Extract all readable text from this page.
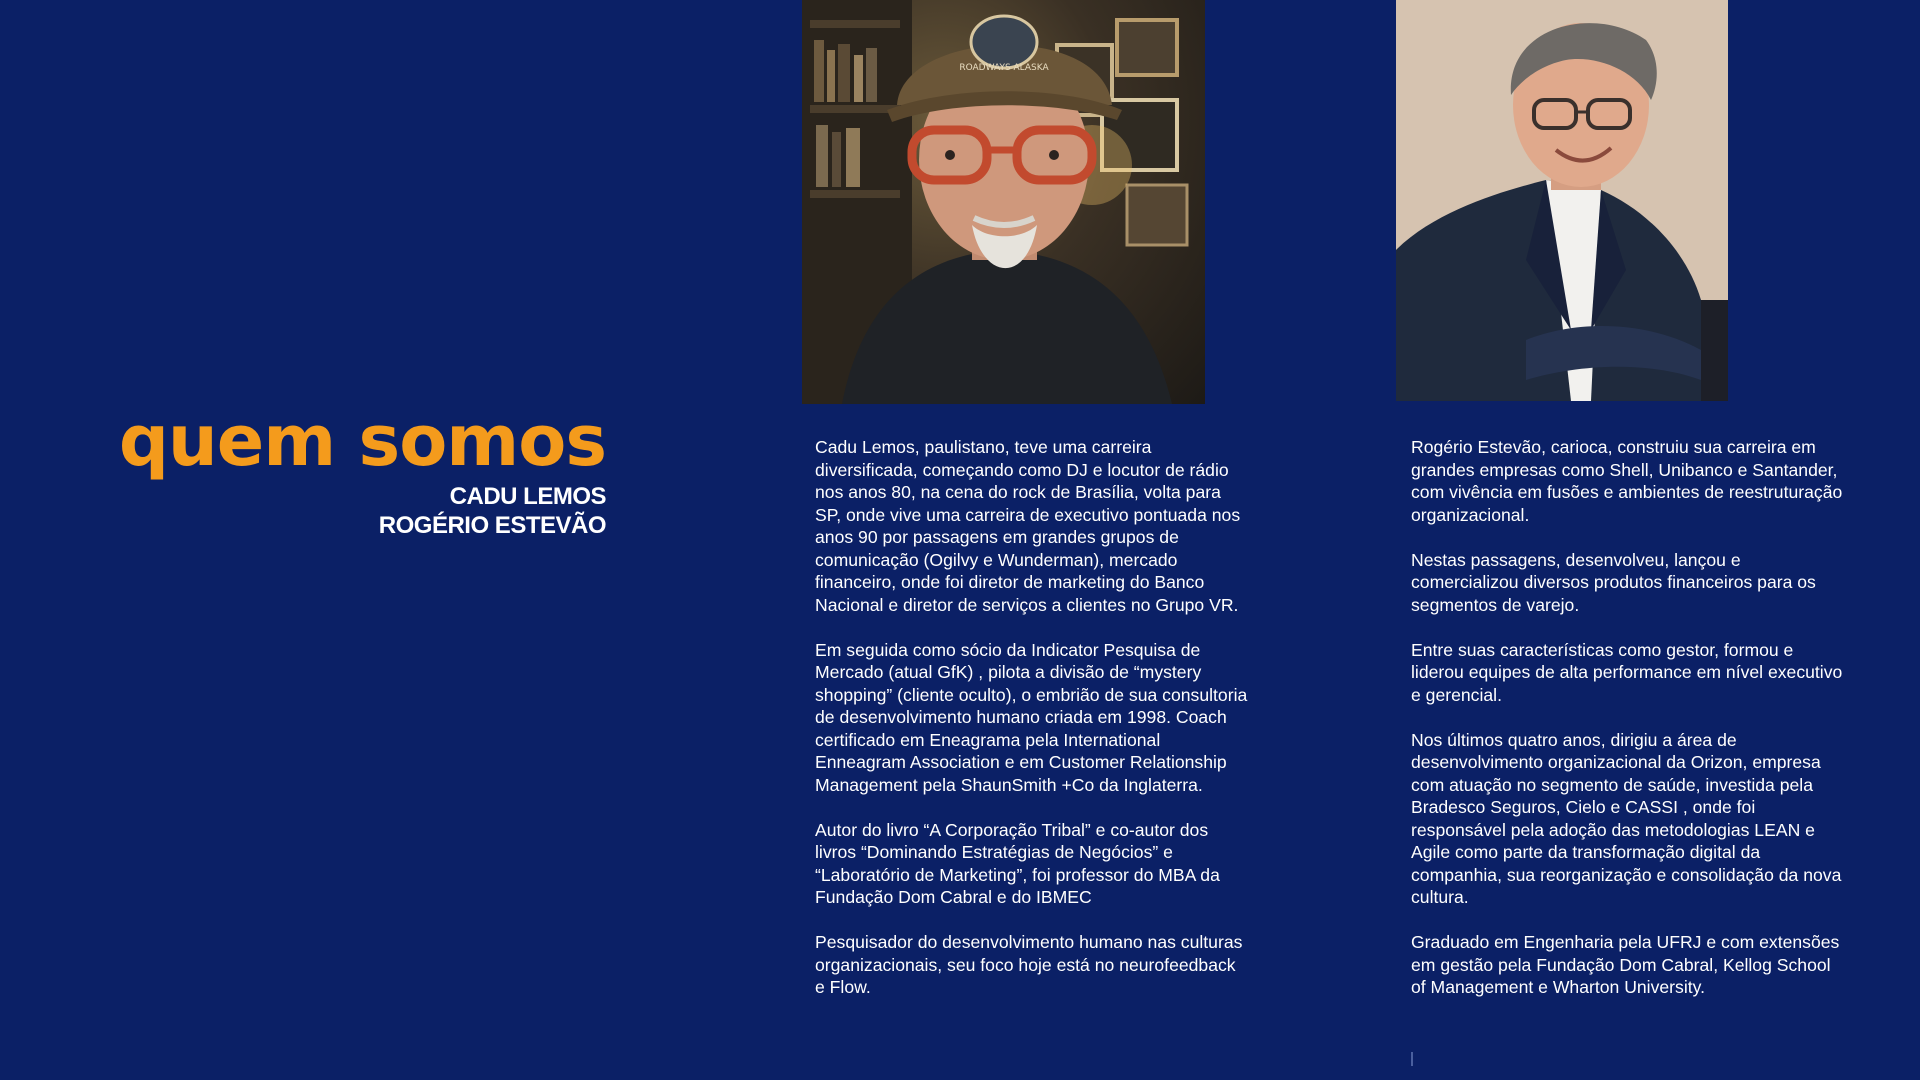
quem somos
CADU LEMOS
ROGÉRIO ESTEVÃO
ROADWAYS ALASKA

Cadu Lemos, paulistano, teve uma carreira diversificada, começando como DJ e locutor de rádio nos anos 80, na cena do rock de Brasília, volta para SP, onde vive uma carreira de executivo pontuada nos anos 90 por passagens em grandes grupos de comunicação (Ogilvy e Wunderman), mercado financeiro, onde foi diretor de marketing do Banco Nacional e diretor de serviços a clientes no Grupo VR.

Em seguida como sócio da Indicator Pesquisa de Mercado (atual GfK) , pilota a divisão de “mystery shopping” (cliente oculto), o embrião de sua consultoria de desenvolvimento humano criada em 1998. Coach certificado em Eneagrama pela International Enneagram Association e em Customer Relationship Management pela ShaunSmith +Co da Inglaterra.

Autor do livro “A Corporação Tribal” e co-autor dos livros “Dominando Estratégias de Negócios” e “Laboratório de Marketing”, foi professor do MBA da Fundação Dom Cabral e do IBMEC

Pesquisador do desenvolvimento humano nas culturas organizacionais, seu foco hoje está no neurofeedback e Flow.

Rogério Estevão, carioca, construiu sua carreira em grandes empresas como Shell, Unibanco e Santander, com vivência em fusões e ambientes de reestruturação organizacional.

Nestas passagens, desenvolveu, lançou e comercializou diversos produtos financeiros para os segmentos de varejo.

Entre suas características como gestor, formou e liderou equipes de alta performance em nível executivo e gerencial.

Nos últimos quatro anos, dirigiu a área de desenvolvimento organizacional da Orizon, empresa com atuação no segmento de saúde, investida pela Bradesco Seguros, Cielo e CASSI , onde foi responsável pela adoção das metodologias LEAN e Agile como parte da transformação digital da companhia, sua reorganização e consolidação da nova cultura.

Graduado em Engenharia pela UFRJ e com extensões em gestão pela Fundação Dom Cabral, Kellog School of Management e Wharton University.
